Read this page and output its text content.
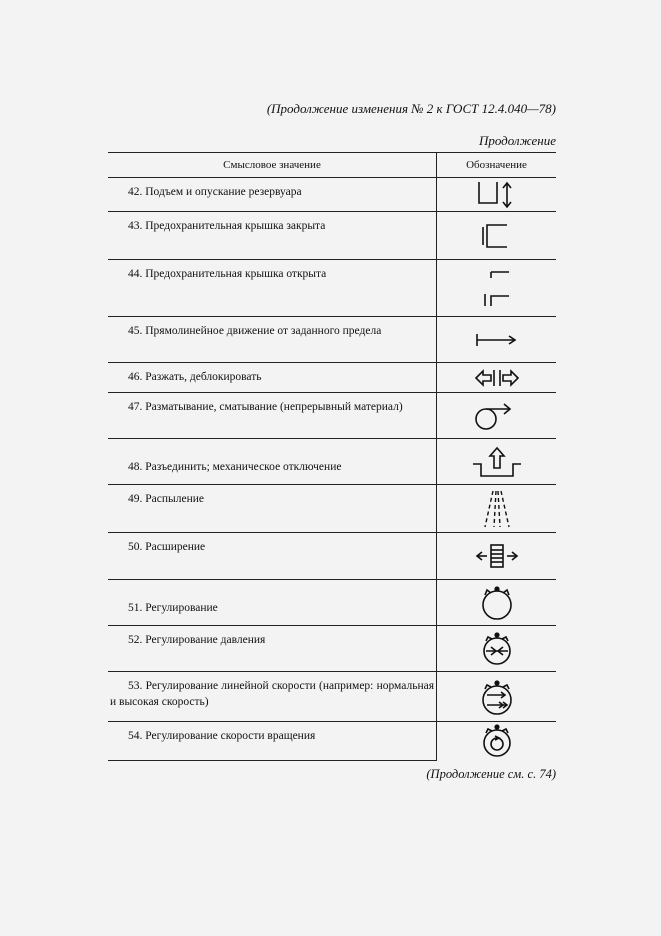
(Продолжение изменения № 2 к ГОСТ 12.4.040—78)
Продолжение
Смысловое значение	Обозначение

42. Подъем и опускание резервуара

43. Предохранительная крышка закрыта

44. Предохранительная крышка открыта

45. Прямолинейное движение от заданного предела

46. Разжать, деблокировать

47. Разматывание, сматывание (непрерывный материал)

48. Разъединить; механическое отключение

49. Распыление

50. Расширение

51. Регулирование

52. Регулирование давления

53. Регулирование линейной скорости (например: нормальная и высокая скорость)

54. Регулирование скорости вращения

(Продолжение см. с. 74)
